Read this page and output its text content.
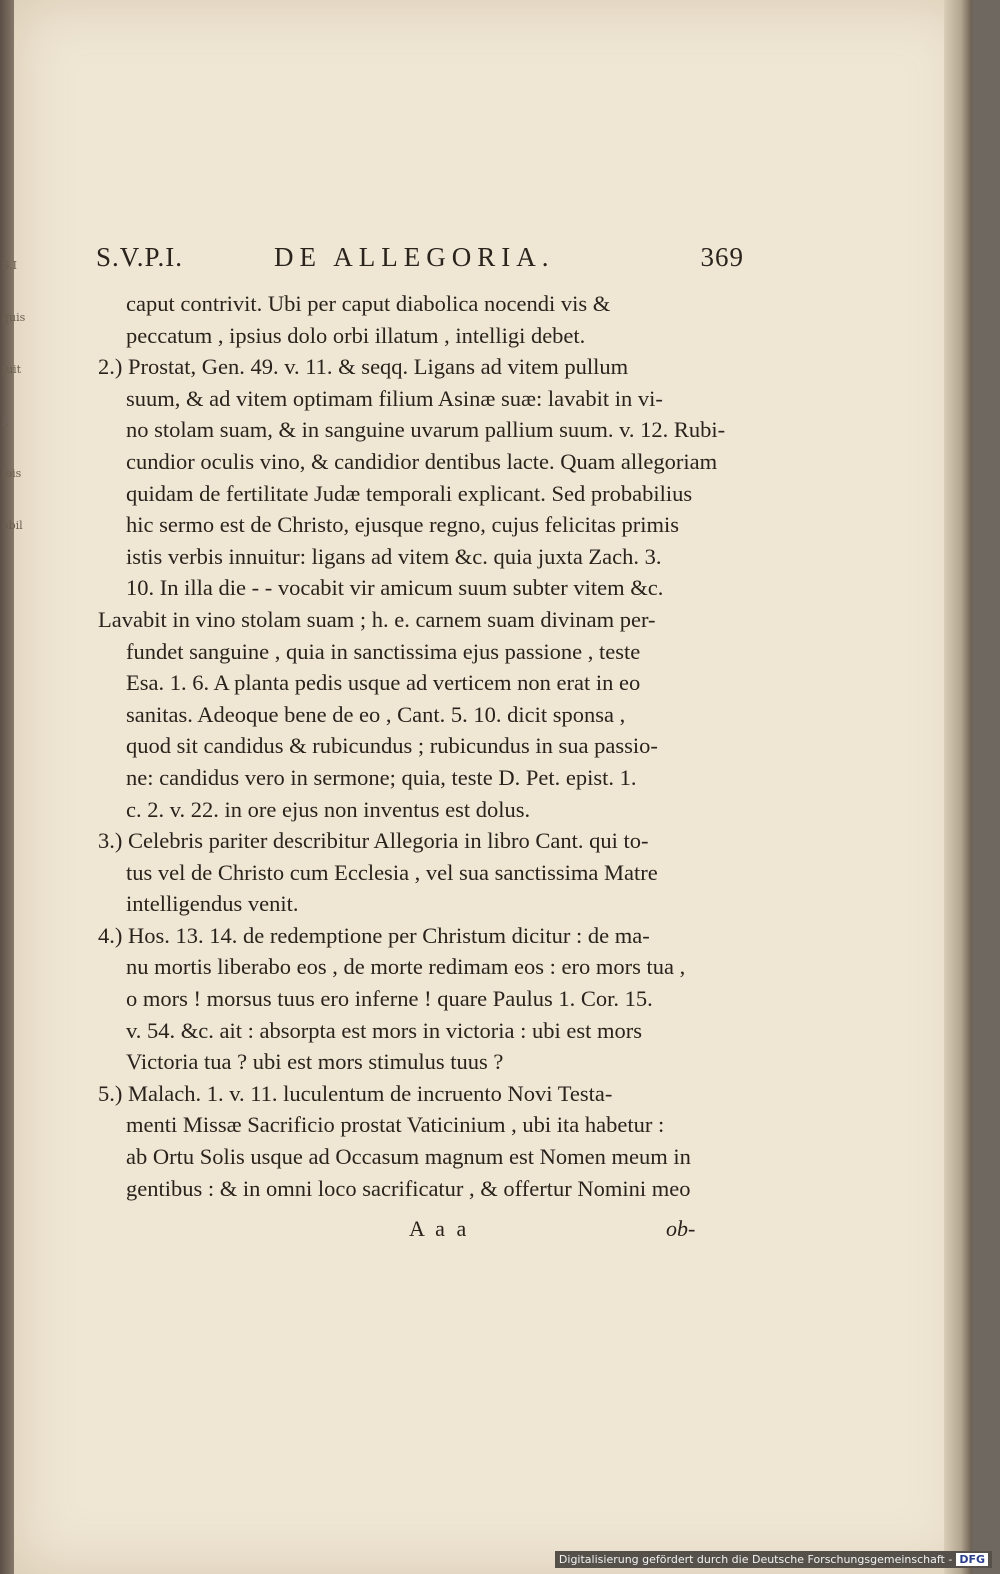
S.V.P.I.	DE ALLEGORIA.	369
caput contrivit. Ubi per caput diabolica nocendi vis &
peccatum , ipsius dolo orbi illatum , intelligi debet.
2.) Prostat, Gen. 49. v. 11. & seqq. Ligans ad vitem pullum
suum, & ad vitem optimam filium Asinæ suæ: lavabit in vi-
no stolam suam, & in sanguine uvarum pallium suum. v. 12. Rubi-
cundior oculis vino, & candidior dentibus lacte. Quam allegoriam
quidam de fertilitate Judæ temporali explicant. Sed probabilius
hic sermo est de Christo, ejusque regno, cujus felicitas primis
istis verbis innuitur: ligans ad vitem &c. quia juxta Zach. 3.
10. In illa die - - vocabit vir amicum suum subter vitem &c.
Lavabit in vino stolam suam ; h. e. carnem suam divinam per-
fundet sanguine , quia in sanctissima ejus passione , teste
Esa. 1. 6. A planta pedis usque ad verticem non erat in eo
sanitas. Adeoque bene de eo , Cant. 5. 10. dicit sponsa ,
quod sit candidus & rubicundus ; rubicundus in sua passio-
ne: candidus vero in sermone; quia, teste D. Pet. epist. 1.
c. 2. v. 22. in ore ejus non inventus est dolus.
3.) Celebris pariter describitur Allegoria in libro Cant. qui to-
tus vel de Christo cum Ecclesia , vel sua sanctissima Matre
intelligendus venit.
4.) Hos. 13. 14. de redemptione per Christum dicitur : de ma-
nu mortis liberabo eos , de morte redimam eos : ero mors tua ,
o mors ! morsus tuus ero inferne ! quare Paulus 1. Cor. 15.
v. 54. &c. ait : absorpta est mors in victoria : ubi est mors
Victoria tua ? ubi est mors stimulus tuus ?
5.) Malach. 1. v. 11. luculentum de incruento Novi Testa-
menti Missæ Sacrificio prostat Vaticinium , ubi ita habetur :
ab Ortu Solis usque ad Occasum magnum est Nomen meum in
gentibus : & in omni loco sacrificatur , & offertur Nomini meo
A a a	ob-
S.I
quis
fuit
l.
lois
obil
Digitalisierung gefördert durch die Deutsche Forschungsgemeinschaft - DFG
